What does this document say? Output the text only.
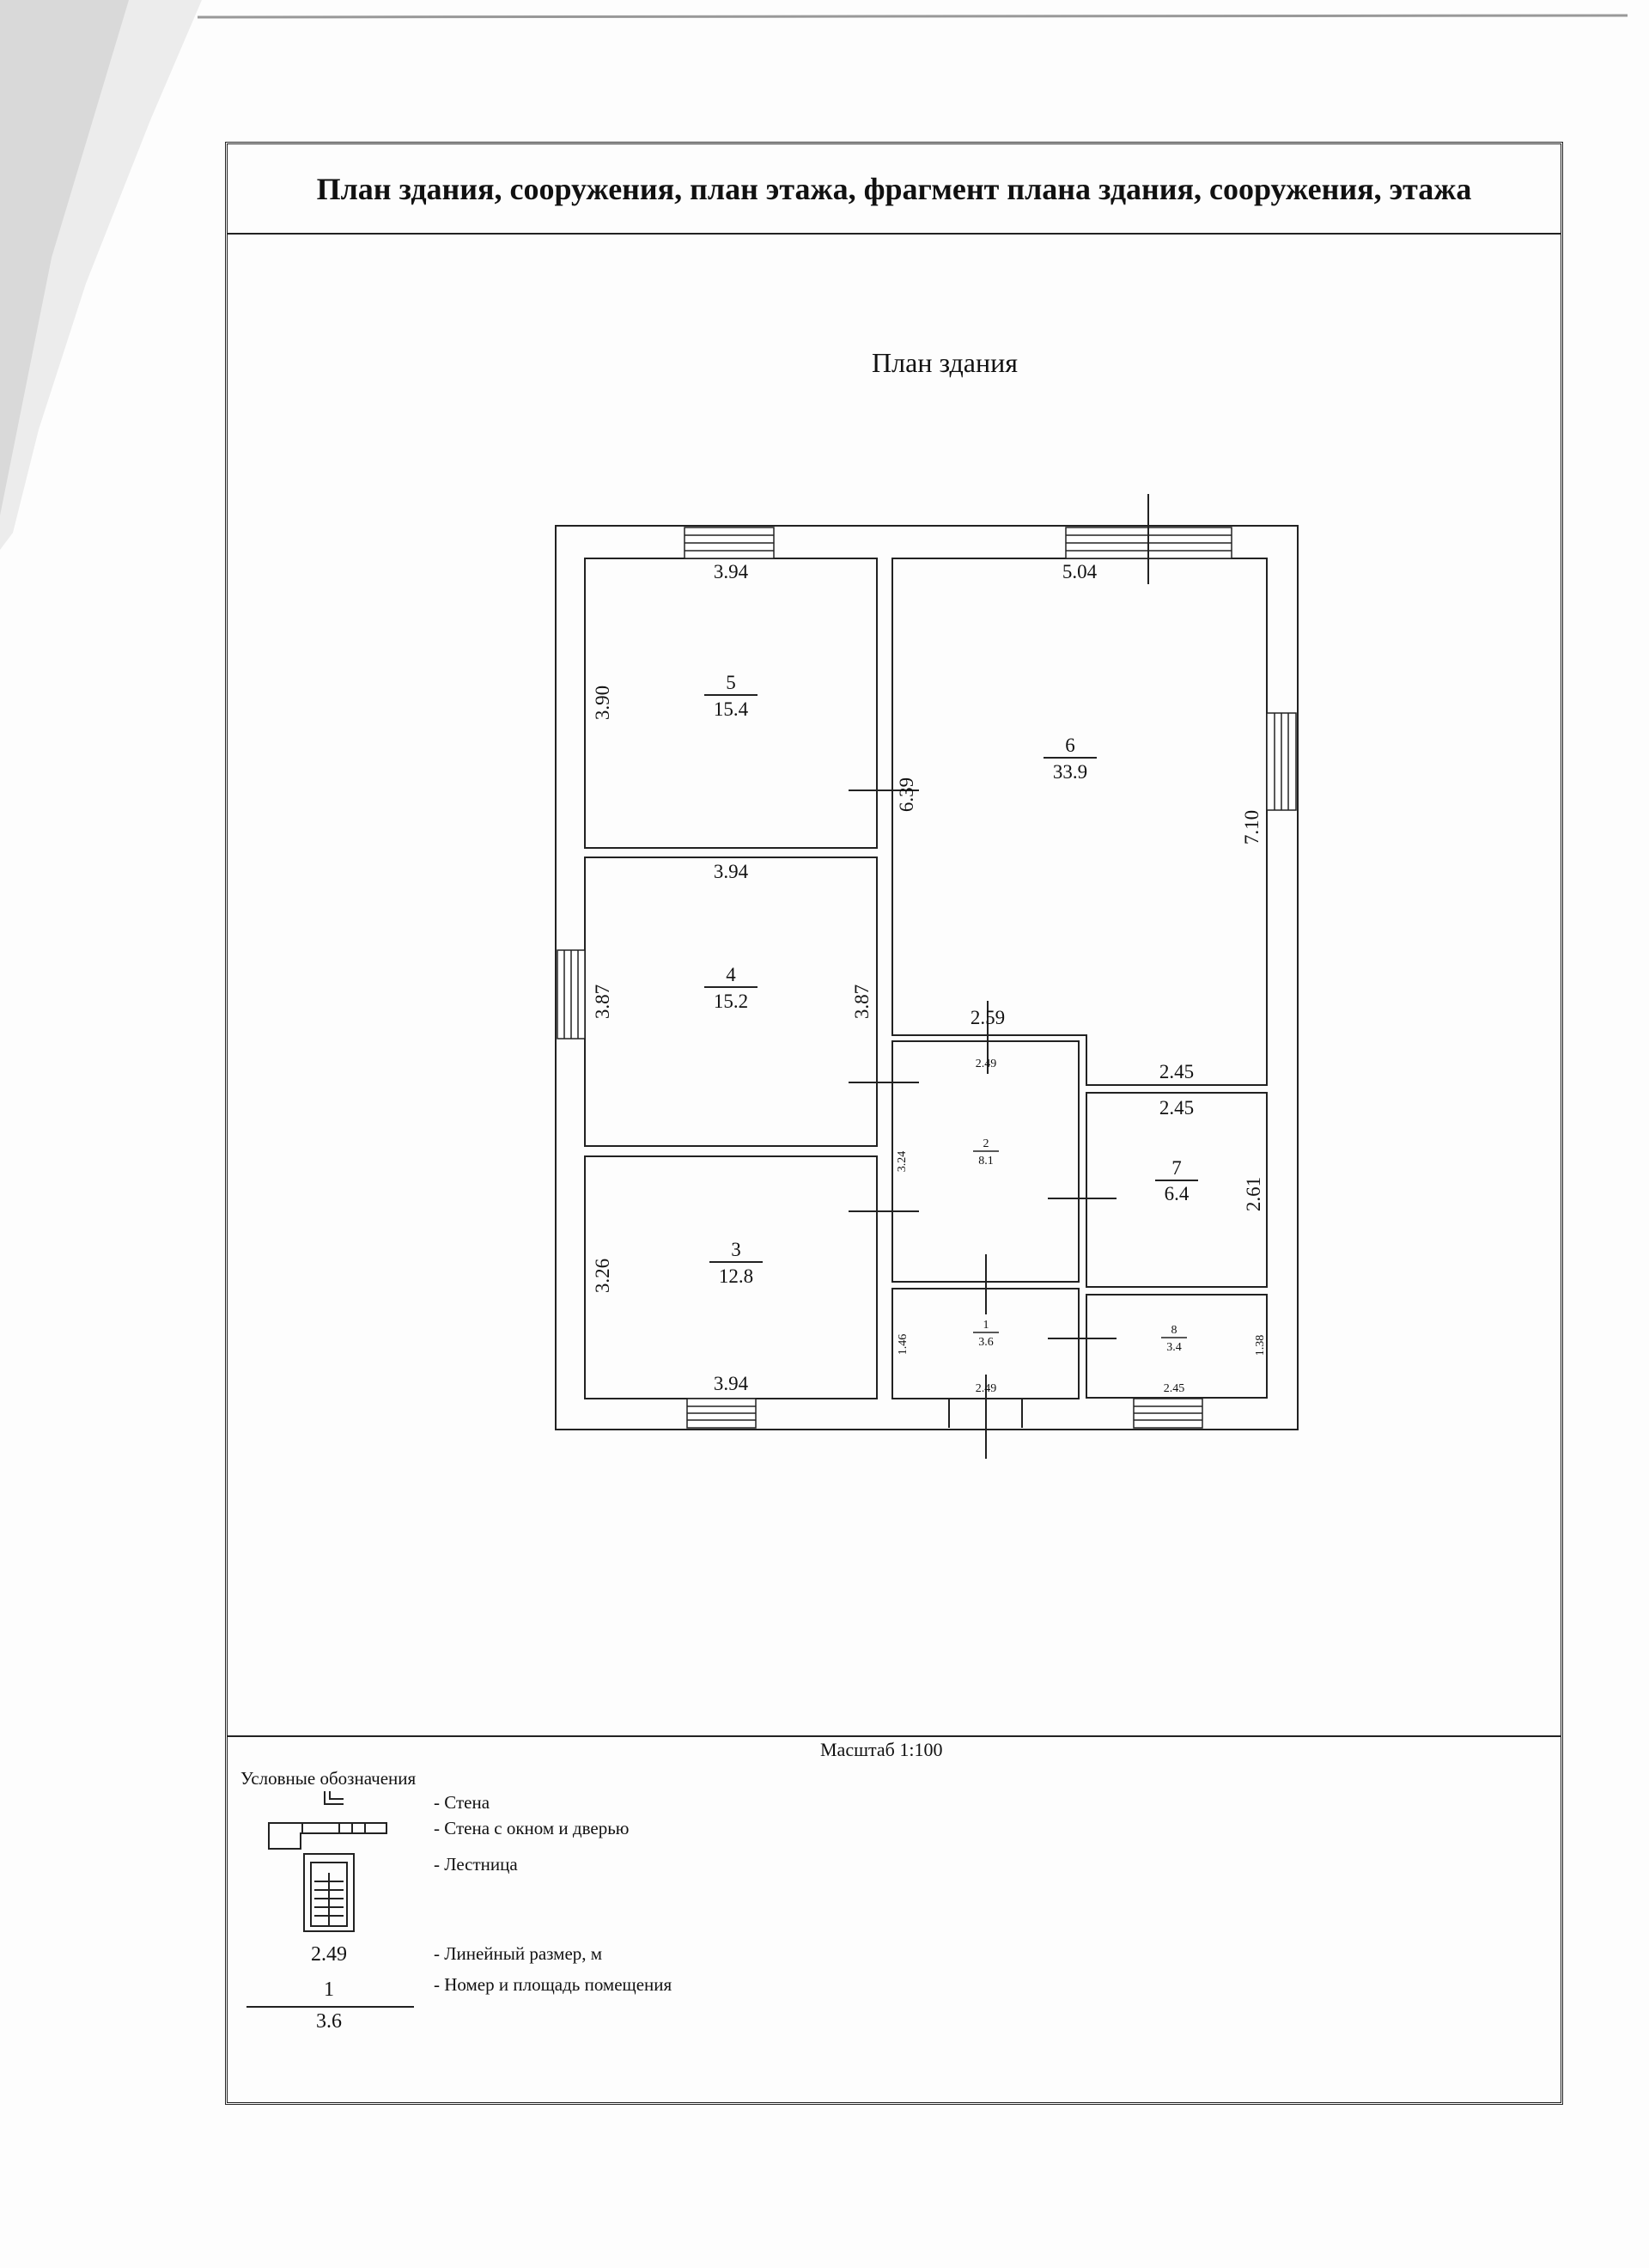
План здания, сооружения, план этажа, фрагмент плана здания, сооружения, этажа
План здания
5
15.4
6
33.9
4
15.2
3
12.8
2
8.1	7
6.4
1
3.6
8
3.4
3.94	5.04
3.94
2.59
2.45
2.49
2.45
3.94	2.49	2.45
3.90
6.39
7.10
3.87	3.87
3.24
2.61
3.26
1.46	1.38
Масштаб 1:100
Условные обозначения
- Стена
- Стена с окном и дверью
- Лестница
- Линейный размер, м
- Номер и площадь помещения
2.49
1
3.6
